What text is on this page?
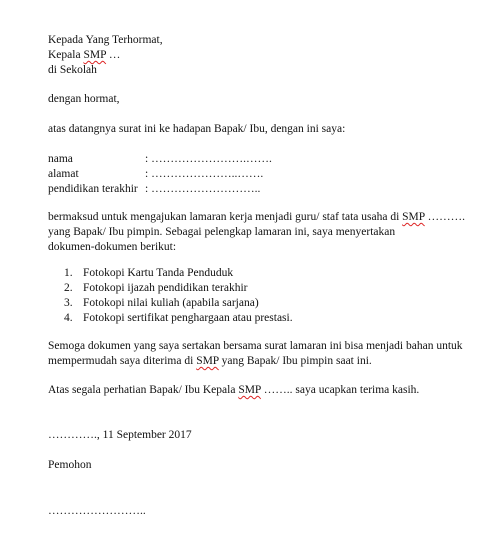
Kepada Yang Terhormat,
Kepala SMP …
di Sekolah
dengan hormat,
atas datangnya surat ini ke hadapan Bapak/ Ibu, dengan ini saya:
nama	: …………………….…….
alamat	: …………………..…….
pendidikan terakhir : ………………………..
bermaksud untuk mengajukan lamaran kerja menjadi guru/ staf tata usaha di SMP ……….
yang Bapak/ Ibu pimpin. Sebagai pelengkap lamaran ini, saya menyertakan
dokumen-dokumen berikut:
1. Fotokopi Kartu Tanda Penduduk
2. Fotokopi ijazah pendidikan terakhir
3. Fotokopi nilai kuliah (apabila sarjana)
4. Fotokopi sertifikat penghargaan atau prestasi.
Semoga dokumen yang saya sertakan bersama surat lamaran ini bisa menjadi bahan untuk
mempermudah saya diterima di SMP yang Bapak/ Ibu pimpin saat ini.
Atas segala perhatian Bapak/ Ibu Kepala SMP …….. saya ucapkan terima kasih.
…………., 11 September 2017
Pemohon
……………………..
